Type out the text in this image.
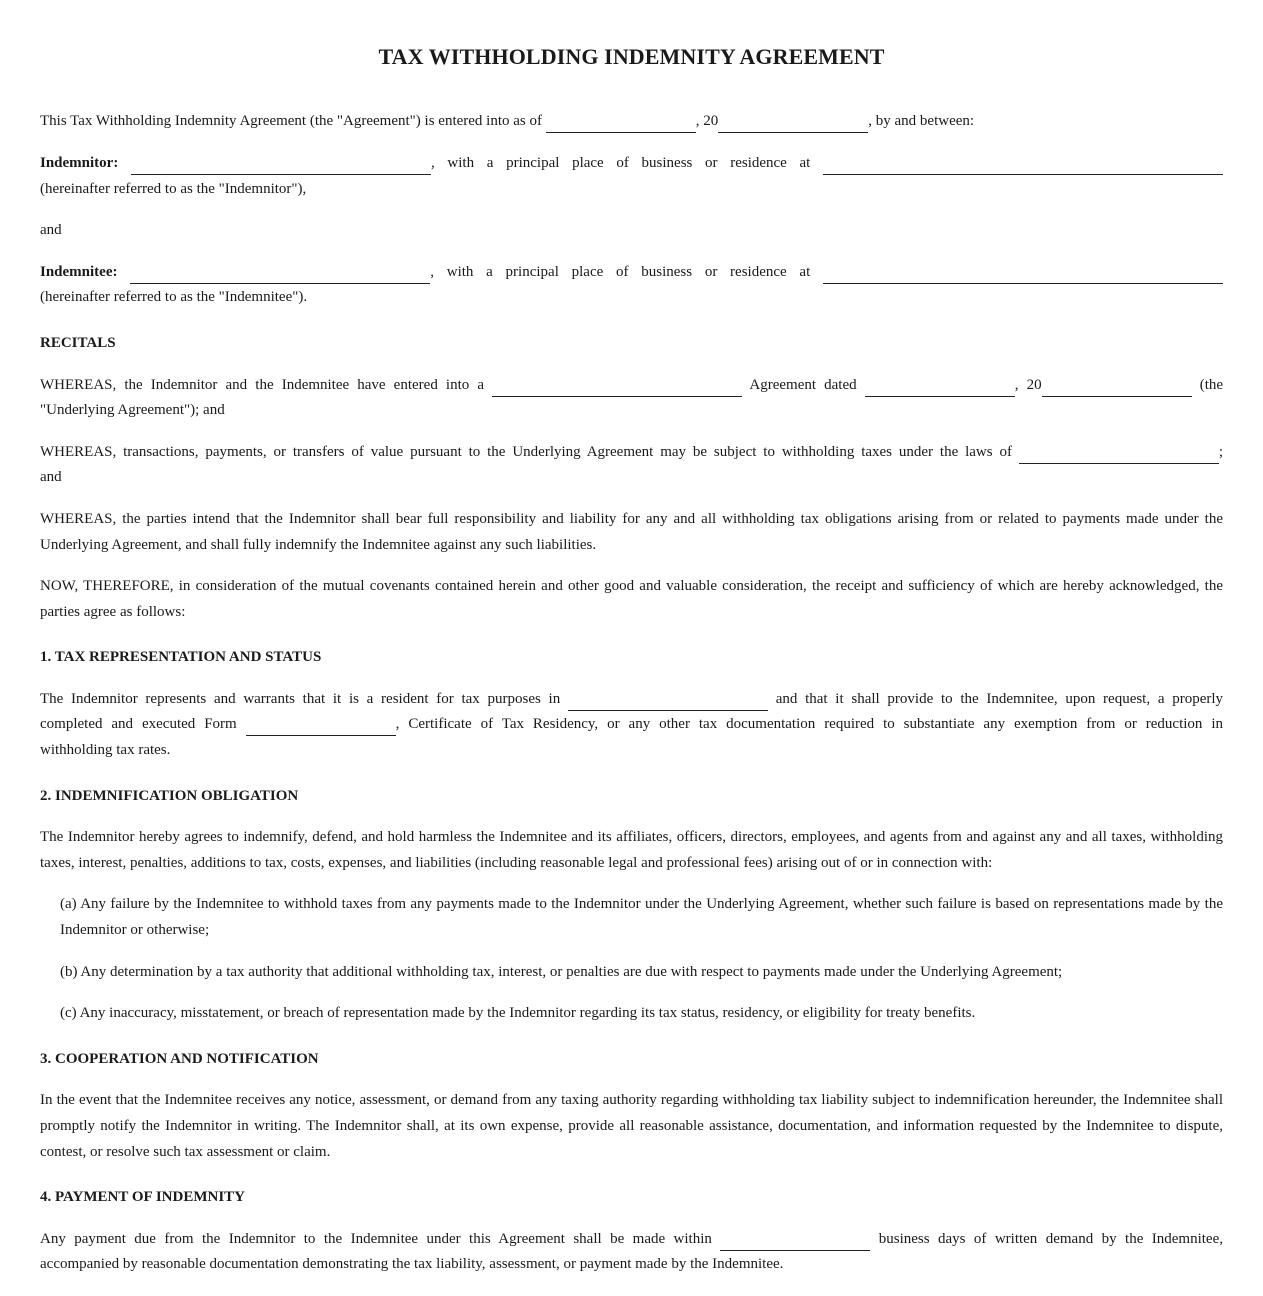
TAX WITHHOLDING INDEMNITY AGREEMENT
This Tax Withholding Indemnity Agreement (the "Agreement") is entered into as of	, 20	, by and between:
Indemnitor:	, with a principal place of business or residence at
(hereinafter referred to as the "Indemnitor"),
and
Indemnitee:	, with a principal place of business or residence at
(hereinafter referred to as the "Indemnitee").
RECITALS
WHEREAS, the Indemnitor and the Indemnitee have entered into a	Agreement dated	, 20	(the
"Underlying Agreement"); and
WHEREAS, transactions, payments, or transfers of value pursuant to the Underlying Agreement may be subject to withholding taxes under the laws of	;
and
WHEREAS, the parties intend that the Indemnitor shall bear full responsibility and liability for any and all withholding tax obligations arising from or related to payments made under the Underlying Agreement, and shall fully indemnify the Indemnitee against any such liabilities.
NOW, THEREFORE, in consideration of the mutual covenants contained herein and other good and valuable consideration, the receipt and sufficiency of which are hereby acknowledged, the parties agree as follows:
1. TAX REPRESENTATION AND STATUS
The Indemnitor represents and warrants that it is a resident for tax purposes in	and that it shall provide to the Indemnitee, upon request, a properly
completed and executed Form	, Certificate of Tax Residency, or any other tax documentation required to substantiate any exemption from or reduction in
withholding tax rates.
2. INDEMNIFICATION OBLIGATION
The Indemnitor hereby agrees to indemnify, defend, and hold harmless the Indemnitee and its affiliates, officers, directors, employees, and agents from and against any and all taxes, withholding taxes, interest, penalties, additions to tax, costs, expenses, and liabilities (including reasonable legal and professional fees) arising out of or in connection with:
(a) Any failure by the Indemnitee to withhold taxes from any payments made to the Indemnitor under the Underlying Agreement, whether such failure is based on representations made by the Indemnitor or otherwise;
(b) Any determination by a tax authority that additional withholding tax, interest, or penalties are due with respect to payments made under the Underlying Agreement;
(c) Any inaccuracy, misstatement, or breach of representation made by the Indemnitor regarding its tax status, residency, or eligibility for treaty benefits.
3. COOPERATION AND NOTIFICATION
In the event that the Indemnitee receives any notice, assessment, or demand from any taxing authority regarding withholding tax liability subject to indemnification hereunder, the Indemnitee shall promptly notify the Indemnitor in writing. The Indemnitor shall, at its own expense, provide all reasonable assistance, documentation, and information requested by the Indemnitee to dispute, contest, or resolve such tax assessment or claim.
4. PAYMENT OF INDEMNITY
Any payment due from the Indemnitor to the Indemnitee under this Agreement shall be made within	business days of written demand by the Indemnitee,
accompanied by reasonable documentation demonstrating the tax liability, assessment, or payment made by the Indemnitee.
